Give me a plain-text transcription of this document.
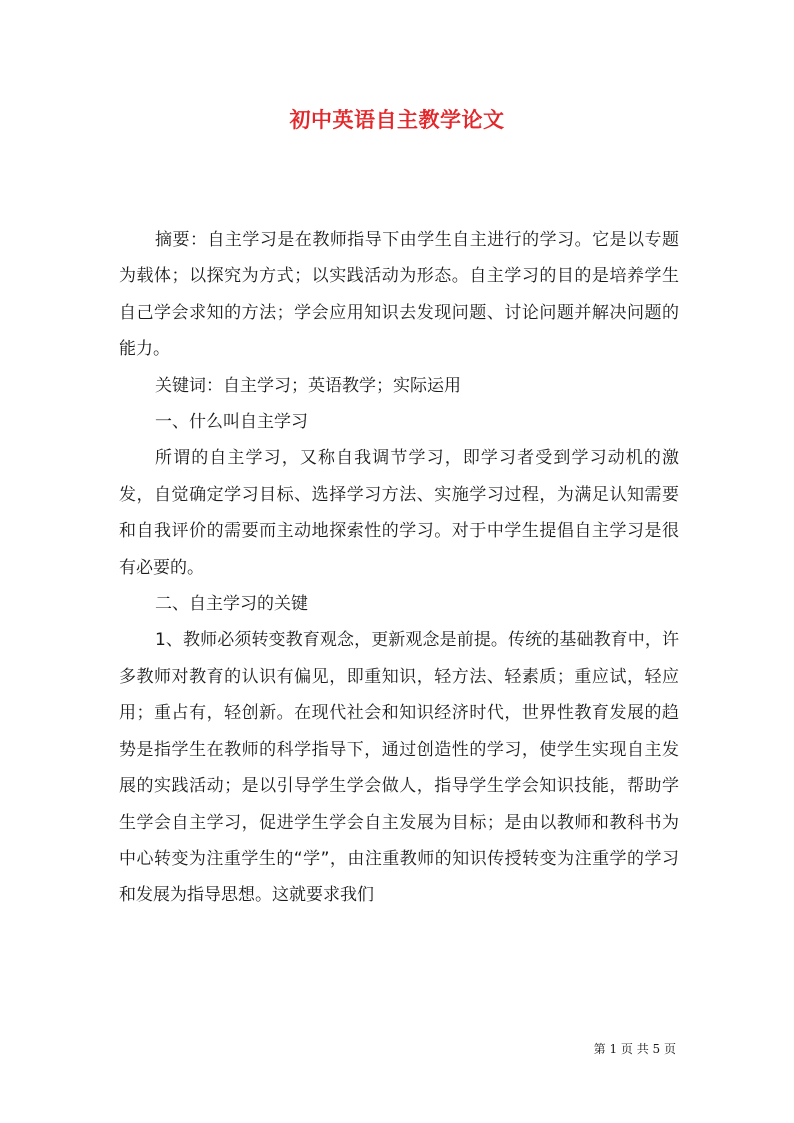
初中英语自主教学论文

摘要：自主学习是在教师指导下由学生自主进行的学习。它是以专题为载体；以探究为方式；以实践活动为形态。自主学习的目的是培养学生自己学会求知的方法；学会应用知识去发现问题、讨论问题并解决问题的能力。

关键词：自主学习；英语教学；实际运用

一、什么叫自主学习

所谓的自主学习，又称自我调节学习，即学习者受到学习动机的激发，自觉确定学习目标、选择学习方法、实施学习过程，为满足认知需要和自我评价的需要而主动地探索性的学习。对于中学生提倡自主学习是很有必要的。

二、自主学习的关键

1、教师必须转变教育观念，更新观念是前提。传统的基础教育中，许多教师对教育的认识有偏见，即重知识，轻方法、轻素质；重应试，轻应用；重占有，轻创新。在现代社会和知识经济时代，世界性教育发展的趋势是指学生在教师的科学指导下，通过创造性的学习，使学生实现自主发展的实践活动；是以引导学生学会做人，指导学生学会知识技能，帮助学生学会自主学习，促进学生学会自主发展为目标；是由以教师和教科书为中心转变为注重学生的“学”，由注重教师的知识传授转变为注重学的学习和发展为指导思想。这就要求我们

第 1 页 共 5 页
